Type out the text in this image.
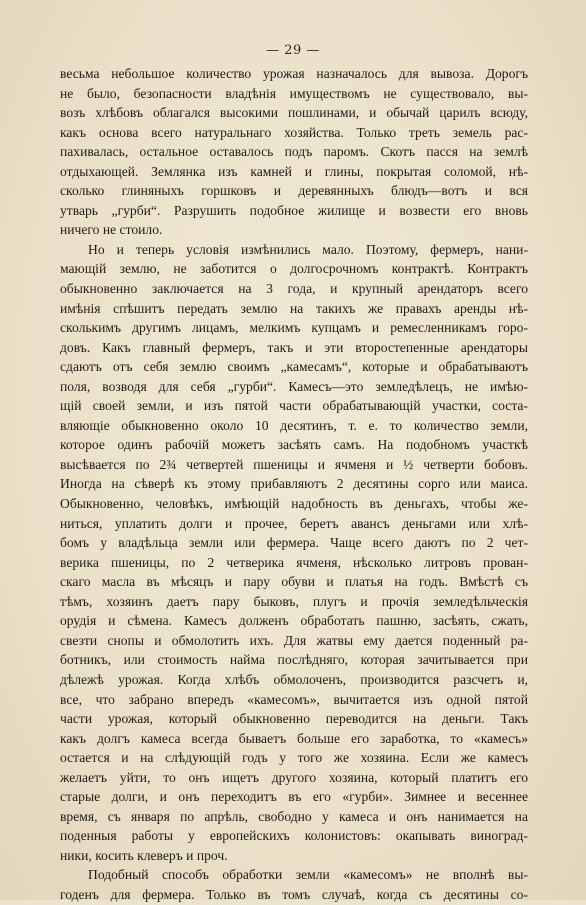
— 29 —
весьма небольшое количество урожая назначалось для вывоза. Дорогъ
не было, безопасности владѣнія имуществомъ не существовало, вы-
возъ хлѣбовъ облагался высокими пошлинами, и обычай царилъ всюду,
какъ основа всего натуральнаго хозяйства. Только треть земель рас-
пахивалась, остальное оставалось подъ паромъ. Скотъ пасся на землѣ
отдыхающей. Землянка изъ камней и глины, покрытая соломой, нѣ-
сколько глиняныхъ горшковъ и деревянныхъ блюдъ—вотъ и вся
утварь „гурби“. Разрушить подобное жилище и возвести его вновь
ничего не стоило.
Но и теперь условія измѣнились мало. Поэтому, фермеръ, нани-
мающій землю, не заботится о долгосрочномъ контрактѣ. Контрактъ
обыкновенно заключается на 3 года, и крупный арендаторъ всего
имѣнія спѣшитъ передать землю на такихъ же правахъ аренды нѣ-
сколькимъ другимъ лицамъ, мелкимъ купцамъ и ремесленникамъ горо-
довъ. Какъ главный фермеръ, такъ и эти второстепенные арендаторы
сдаютъ отъ себя землю своимъ „камесамъ“, которые и обрабатываютъ
поля, возводя для себя „гурби“. Камесъ—это земледѣлецъ, не имѣю-
щій своей земли, и изъ пятой части обрабатывающій участки, соста-
вляющіе обыкновенно около 10 десятинъ, т. е. то количество земли,
которое одинъ рабочій можетъ засѣять самъ. На подобномъ участкѣ
высѣвается по 2¾ четвертей пшеницы и ячменя и ½ четверти бобовъ.
Иногда на сѣверѣ къ этому прибавляютъ 2 десятины сорго или маиса.
Обыкновенно, человѣкъ, имѣющій надобность въ деньгахъ, чтобы же-
ниться, уплатить долги и прочее, беретъ авансъ деньгами или хлѣ-
бомъ у владѣльца земли или фермера. Чаще всего даютъ по 2 чет-
верика пшеницы, по 2 четверика ячменя, нѣсколько литровъ прован-
скаго масла въ мѣсяцъ и пару обуви и платья на годъ. Вмѣстѣ съ
тѣмъ, хозяинъ даетъ пару быковъ, плугъ и прочія земледѣльческія
орудія и сѣмена. Камесъ долженъ обработать пашню, засѣять, сжать,
свезти снопы и обмолотить ихъ. Для жатвы ему дается поденный ра-
ботникъ, или стоимость найма послѣдняго, которая зачитывается при
дѣлежѣ урожая. Когда хлѣбъ обмолоченъ, производится разсчетъ и,
все, что забрано впередъ «камесомъ», вычитается изъ одной пятой
части урожая, который обыкновенно переводится на деньги. Такъ
какъ долгъ камеса всегда бываетъ больше его заработка, то «камесъ»
остается и на слѣдующій годъ у того же хозяина. Если же камесъ
желаетъ уйти, то онъ ищетъ другого хозяина, который платитъ его
старые долги, и онъ переходитъ въ его «гурби». Зимнее и весеннее
время, съ января по апрѣль, свободно у камеса и онъ нанимается на
поденныя работы у европейскихъ колонистовъ: окапывать виноград-
ники, косить клеверъ и проч.
Подобный способъ обработки земли «камесомъ» не вполнѣ вы-
годенъ для фермера. Только въ томъ случаѣ, когда съ десятины со-
